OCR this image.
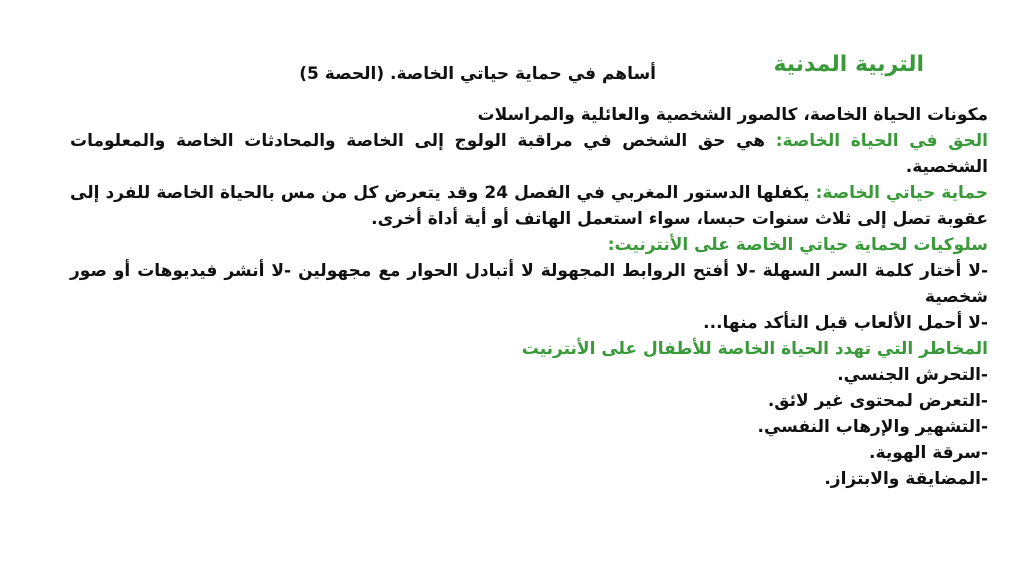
التربية المدنية
أساهم في حماية حياتي الخاصة. (الحصة 5)

مكونات الحياة الخاصة، كالصور الشخصية والعائلية والمراسلات

الحق في الحياة الخاصة: هي حق الشخص في مراقبة الولوج إلى الخاصة والمحادثات الخاصة والمعلومات الشخصية.

حماية حياتي الخاصة: يكفلها الدستور المغربي في الفصل 24 وقد يتعرض كل من مس بالحياة الخاصة للفرد إلى عقوبة تصل إلى ثلاث سنوات حبسا، سواء استعمل الهاتف أو أية أداة أخرى.

سلوكيات لحماية حياتي الخاصة على الأنترنيت:

-لا أختار كلمة السر السهلة -لا أفتح الروابط المجهولة لا أتبادل الحوار مع مجهولين -لا أنشر فيديوهات أو صور شخصية

-لا أحمل الألعاب قبل التأكد منها...

المخاطر التي تهدد الحياة الخاصة للأطفال على الأنترنيت

-التحرش الجنسي.
-التعرض لمحتوى غير لائق.
-التشهير والإرهاب النفسي.
-سرقة الهوية.
-المضايقة والابتزاز.
